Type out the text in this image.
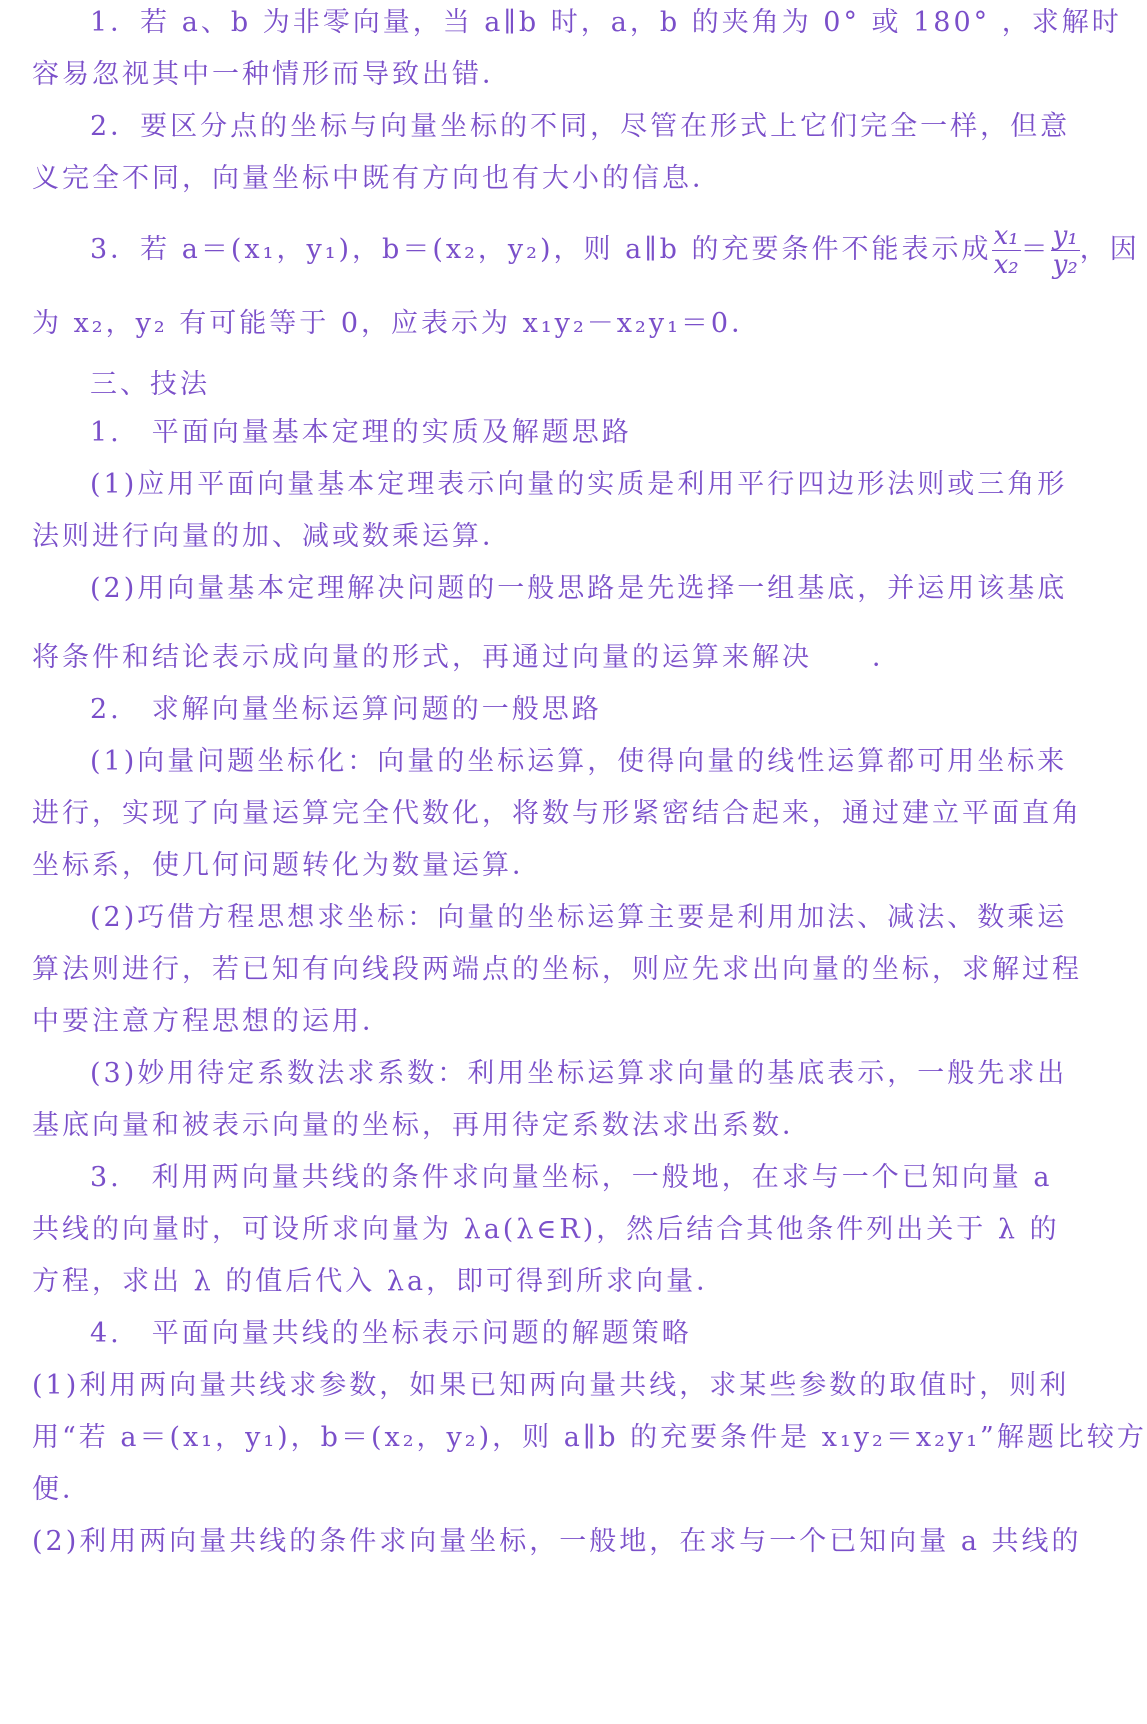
1．若 a、b 为非零向量，当 a∥b 时，a，b 的夹角为 0° 或 180° ，求解时
容易忽视其中一种情形而导致出错．
2．要区分点的坐标与向量坐标的不同，尽管在形式上它们完全一样，但意
义完全不同，向量坐标中既有方向也有大小的信息．
3．若 a＝(x₁，y₁)，b＝(x₂，y₂)，则 a∥b 的充要条件不能表示成 $\frac{\text{x₁}}{\text{x₂}} = \frac{\text{y₁}}{\text{y₂}}$ ，因
为 x₂，y₂ 有可能等于 0，应表示为 x₁y₂－x₂y₁＝0．
三、技法
1.　平面向量基本定理的实质及解题思路
(1)应用平面向量基本定理表示向量的实质是利用平行四边形法则或三角形
法则进行向量的加、减或数乘运算．
(2)用向量基本定理解决问题的一般思路是先选择一组基底，并运用该基底
将条件和结论表示成向量的形式，再通过向量的运算来解决　　．
2.　求解向量坐标运算问题的一般思路
(1)向量问题坐标化：向量的坐标运算，使得向量的线性运算都可用坐标来
进行，实现了向量运算完全代数化，将数与形紧密结合起来，通过建立平面直角
坐标系，使几何问题转化为数量运算．
(2)巧借方程思想求坐标：向量的坐标运算主要是利用加法、减法、数乘运
算法则进行，若已知有向线段两端点的坐标，则应先求出向量的坐标，求解过程
中要注意方程思想的运用．
(3)妙用待定系数法求系数：利用坐标运算求向量的基底表示，一般先求出
基底向量和被表示向量的坐标，再用待定系数法求出系数．
3.　利用两向量共线的条件求向量坐标，一般地，在求与一个已知向量 a
共线的向量时，可设所求向量为 λa(λ∈R)，然后结合其他条件列出关于 λ 的
方程，求出 λ 的值后代入 λa，即可得到所求向量．
4.　平面向量共线的坐标表示问题的解题策略
(1)利用两向量共线求参数，如果已知两向量共线，求某些参数的取值时，则利
用“若 a＝(x₁，y₁)，b＝(x₂，y₂)，则 a∥b 的充要条件是 x₁y₂＝x₂y₁”解题比较方
便．
(2)利用两向量共线的条件求向量坐标，一般地，在求与一个已知向量 a 共线的
